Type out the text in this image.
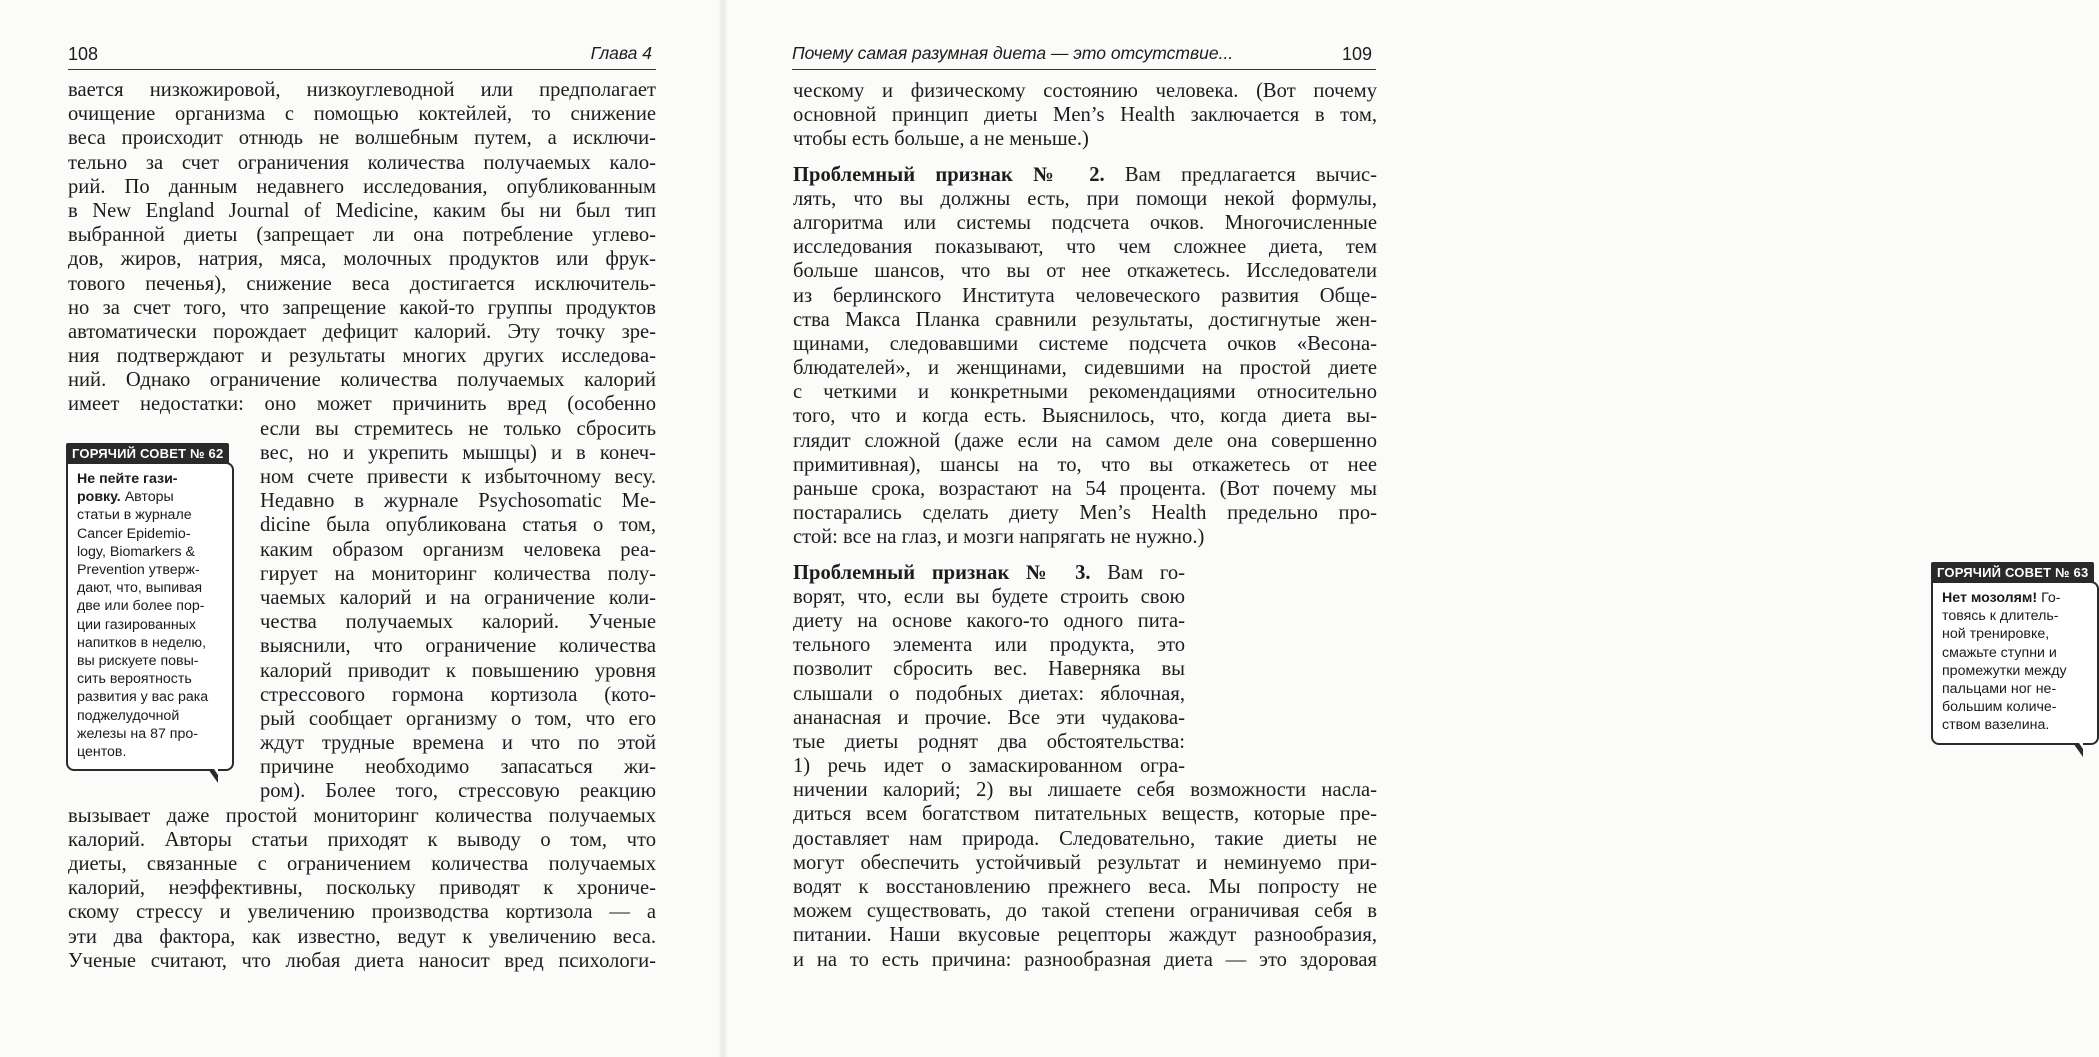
108	Глава 4
вается низкожировой, низкоуглеводной или предполагает
очищение организма с помощью коктейлей, то снижение
веса происходит отнюдь не волшебным путем, а исключи-
тельно за счет ограничения количества получаемых кало-
рий. По данным недавнего исследования, опубликованным
в New England Journal of Medicine, каким бы ни был тип
выбранной диеты (запрещает ли она потребление углево-
дов, жиров, натрия, мяса, молочных продуктов или фрук-
тового печенья), снижение веса достигается исключитель-
но за счет того, что запрещение какой-то группы продуктов
автоматически порождает дефицит калорий. Эту точку зре-
ния подтверждают и результаты многих других исследова-
ний. Однако ограничение количества получаемых калорий
имеет недостатки: оно может причинить вред (особенно
если вы стремитесь не только сбросить
вес, но и укрепить мышцы) и в конеч-
ном счете привести к избыточному весу.
Недавно в журнале Psychosomatic Me-
dicine была опубликована статья о том,
каким образом организм человека реа-
гирует на мониторинг количества полу-
чаемых калорий и на ограничение коли-
чества получаемых калорий. Ученые
выяснили, что ограничение количества
калорий приводит к повышению уровня
стрессового гормона кортизола (кото-
рый сообщает организму о том, что его
ждут трудные времена и что по этой
причине необходимо запасаться жи-
ром). Более того, стрессовую реакцию
вызывает даже простой мониторинг количества получаемых
калорий. Авторы статьи приходят к выводу о том, что
диеты, связанные с ограничением количества получаемых
калорий, неэффективны, поскольку приводят к хрониче-
скому стрессу и увеличению производства кортизола — а
эти два фактора, как известно, ведут к увеличению веса.
Ученые считают, что любая диета наносит вред психологи-
ГОРЯЧИЙ СОВЕТ № 62
Не пейте гази-
ровку. Авторы
статьи в журнале
Cancer Epidemio-
logy, Biomarkers &
Prevention утверж-
дают, что, выпивая
две или более пор-
ции газированных
напитков в неделю,
вы рискуете повы-
сить вероятность
развития у вас рака
поджелудочной
железы на 87 про-
центов.
Почему самая разумная диета — это отсутствие...	109
ческому и физическому состоянию человека. (Вот почему
основной принцип диеты Men’s Health заключается в том,
чтобы есть больше, а не меньше.)
Проблемный признак № 2. Вам предлагается вычис-
лять, что вы должны есть, при помощи некой формулы,
алгоритма или системы подсчета очков. Многочисленные
исследования показывают, что чем сложнее диета, тем
больше шансов, что вы от нее откажетесь. Исследователи
из берлинского Института человеческого развития Обще-
ства Макса Планка сравнили результаты, достигнутые жен-
щинами, следовавшими системе подсчета очков «Весона-
блюдателей», и женщинами, сидевшими на простой диете
с четкими и конкретными рекомендациями относительно
того, что и когда есть. Выяснилось, что, когда диета вы-
глядит сложной (даже если на самом деле она совершенно
примитивная), шансы на то, что вы откажетесь от нее
раньше срока, возрастают на 54 процента. (Вот почему мы
постарались сделать диету Men’s Health предельно про-
стой: все на глаз, и мозги напрягать не нужно.)
Проблемный признак № 3. Вам го-
ворят, что, если вы будете строить свою
диету на основе какого-то одного пита-
тельного элемента или продукта, это
позволит сбросить вес. Наверняка вы
слышали о подобных диетах: яблочная,
ананасная и прочие. Все эти чудакова-
тые диеты роднят два обстоятельства:
1) речь идет о замаскированном огра-
ничении калорий; 2) вы лишаете себя возможности насла-
диться всем богатством питательных веществ, которые пре-
доставляет нам природа. Следовательно, такие диеты не
могут обеспечить устойчивый результат и неминуемо при-
водят к восстановлению прежнего веса. Мы попросту не
можем существовать, до такой степени ограничивая себя в
питании. Наши вкусовые рецепторы жаждут разнообразия,
и на то есть причина: разнообразная диета — это здоровая
ГОРЯЧИЙ СОВЕТ № 63
Нет мозолям! Го-
товясь к длитель-
ной тренировке,
смажьте ступни и
промежутки между
пальцами ног не-
большим количе-
ством вазелина.
